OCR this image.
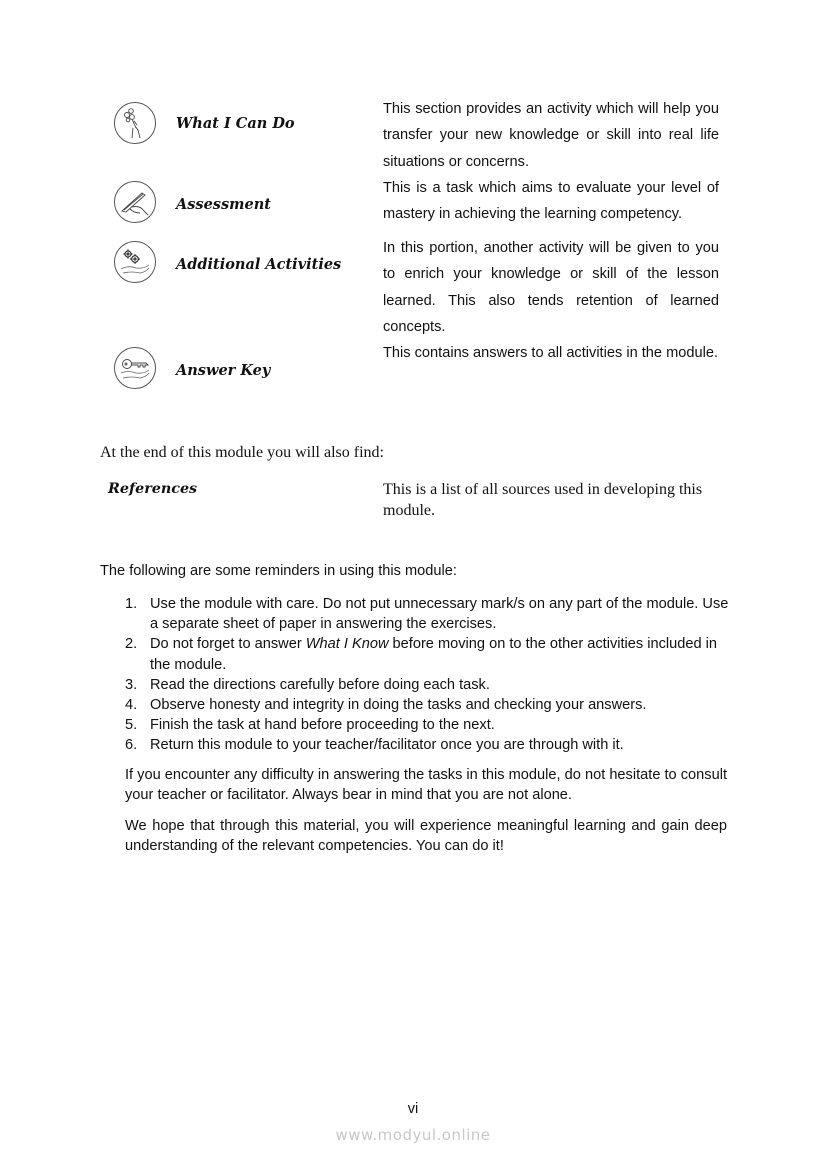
What I Can Do
This section provides an activity which will help you transfer your new knowledge or skill into real life situations or concerns.
Assessment
This is a task which aims to evaluate your level of mastery in achieving the learning competency.
Additional Activities
In this portion, another activity will be given to you to enrich your knowledge or skill of the lesson learned. This also tends retention of learned concepts.
Answer Key
This contains answers to all activities in the module.
At the end of this module you will also find:
References	This is a list of all sources used in developing this module.
The following are some reminders in using this module:
1. Use the module with care. Do not put unnecessary mark/s on any part of the module. Use a separate sheet of paper in answering the exercises.
2. Do not forget to answer What I Know before moving on to the other activities included in the module.
3. Read the directions carefully before doing each task.
4. Observe honesty and integrity in doing the tasks and checking your answers.
5. Finish the task at hand before proceeding to the next.
6. Return this module to your teacher/facilitator once you are through with it.
If you encounter any difficulty in answering the tasks in this module, do not hesitate to consult your teacher or facilitator. Always bear in mind that you are not alone.
We hope that through this material, you will experience meaningful learning and gain deep understanding of the relevant competencies. You can do it!
vi
www.modyul.online
